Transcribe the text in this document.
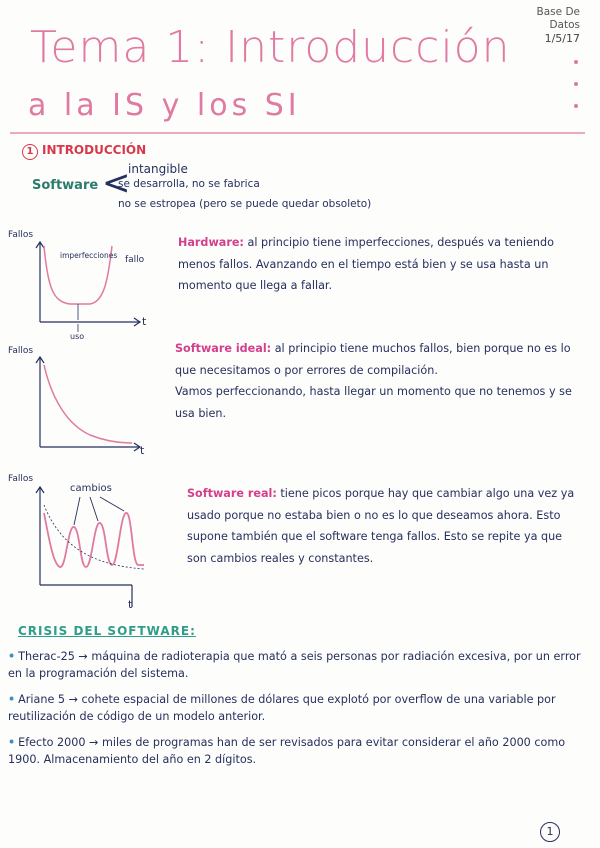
Base De
Datos
1/5/17
Tema 1: Introducción
a la IS y los SI
1 INTRODUCCIÓN
Software <
intangible
se desarrolla, no se fabrica
no se estropea (pero se puede quedar obsoleto)
Fallos
imperfecciones fallo
uso
t
Fallos
t
Fallos
cambios
t
Hardware: al principio tiene imperfecciones, después va teniendo menos fallos. Avanzando en el tiempo está bien y se usa hasta un momento que llega a fallar.
Software ideal: al principio tiene muchos fallos, bien porque no es lo que necesitamos o por errores de compilación.
Vamos perfeccionando, hasta llegar un momento que no tenemos y se usa bien.
Software real: tiene picos porque hay que cambiar algo una vez ya usado porque no estaba bien o no es lo que deseamos ahora. Esto supone también que el software tenga fallos. Esto se repite ya que son cambios reales y constantes.
CRISIS DEL SOFTWARE:
• Therac-25 → máquina de radioterapia que mató a seis personas por radiación excesiva, por un error en la programación del sistema.
• Ariane 5 → cohete espacial de millones de dólares que explotó por overflow de una variable por reutilización de código de un modelo anterior.
• Efecto 2000 → miles de programas han de ser revisados para evitar considerar el año 2000 como 1900. Almacenamiento del año en 2 dígitos.
1
